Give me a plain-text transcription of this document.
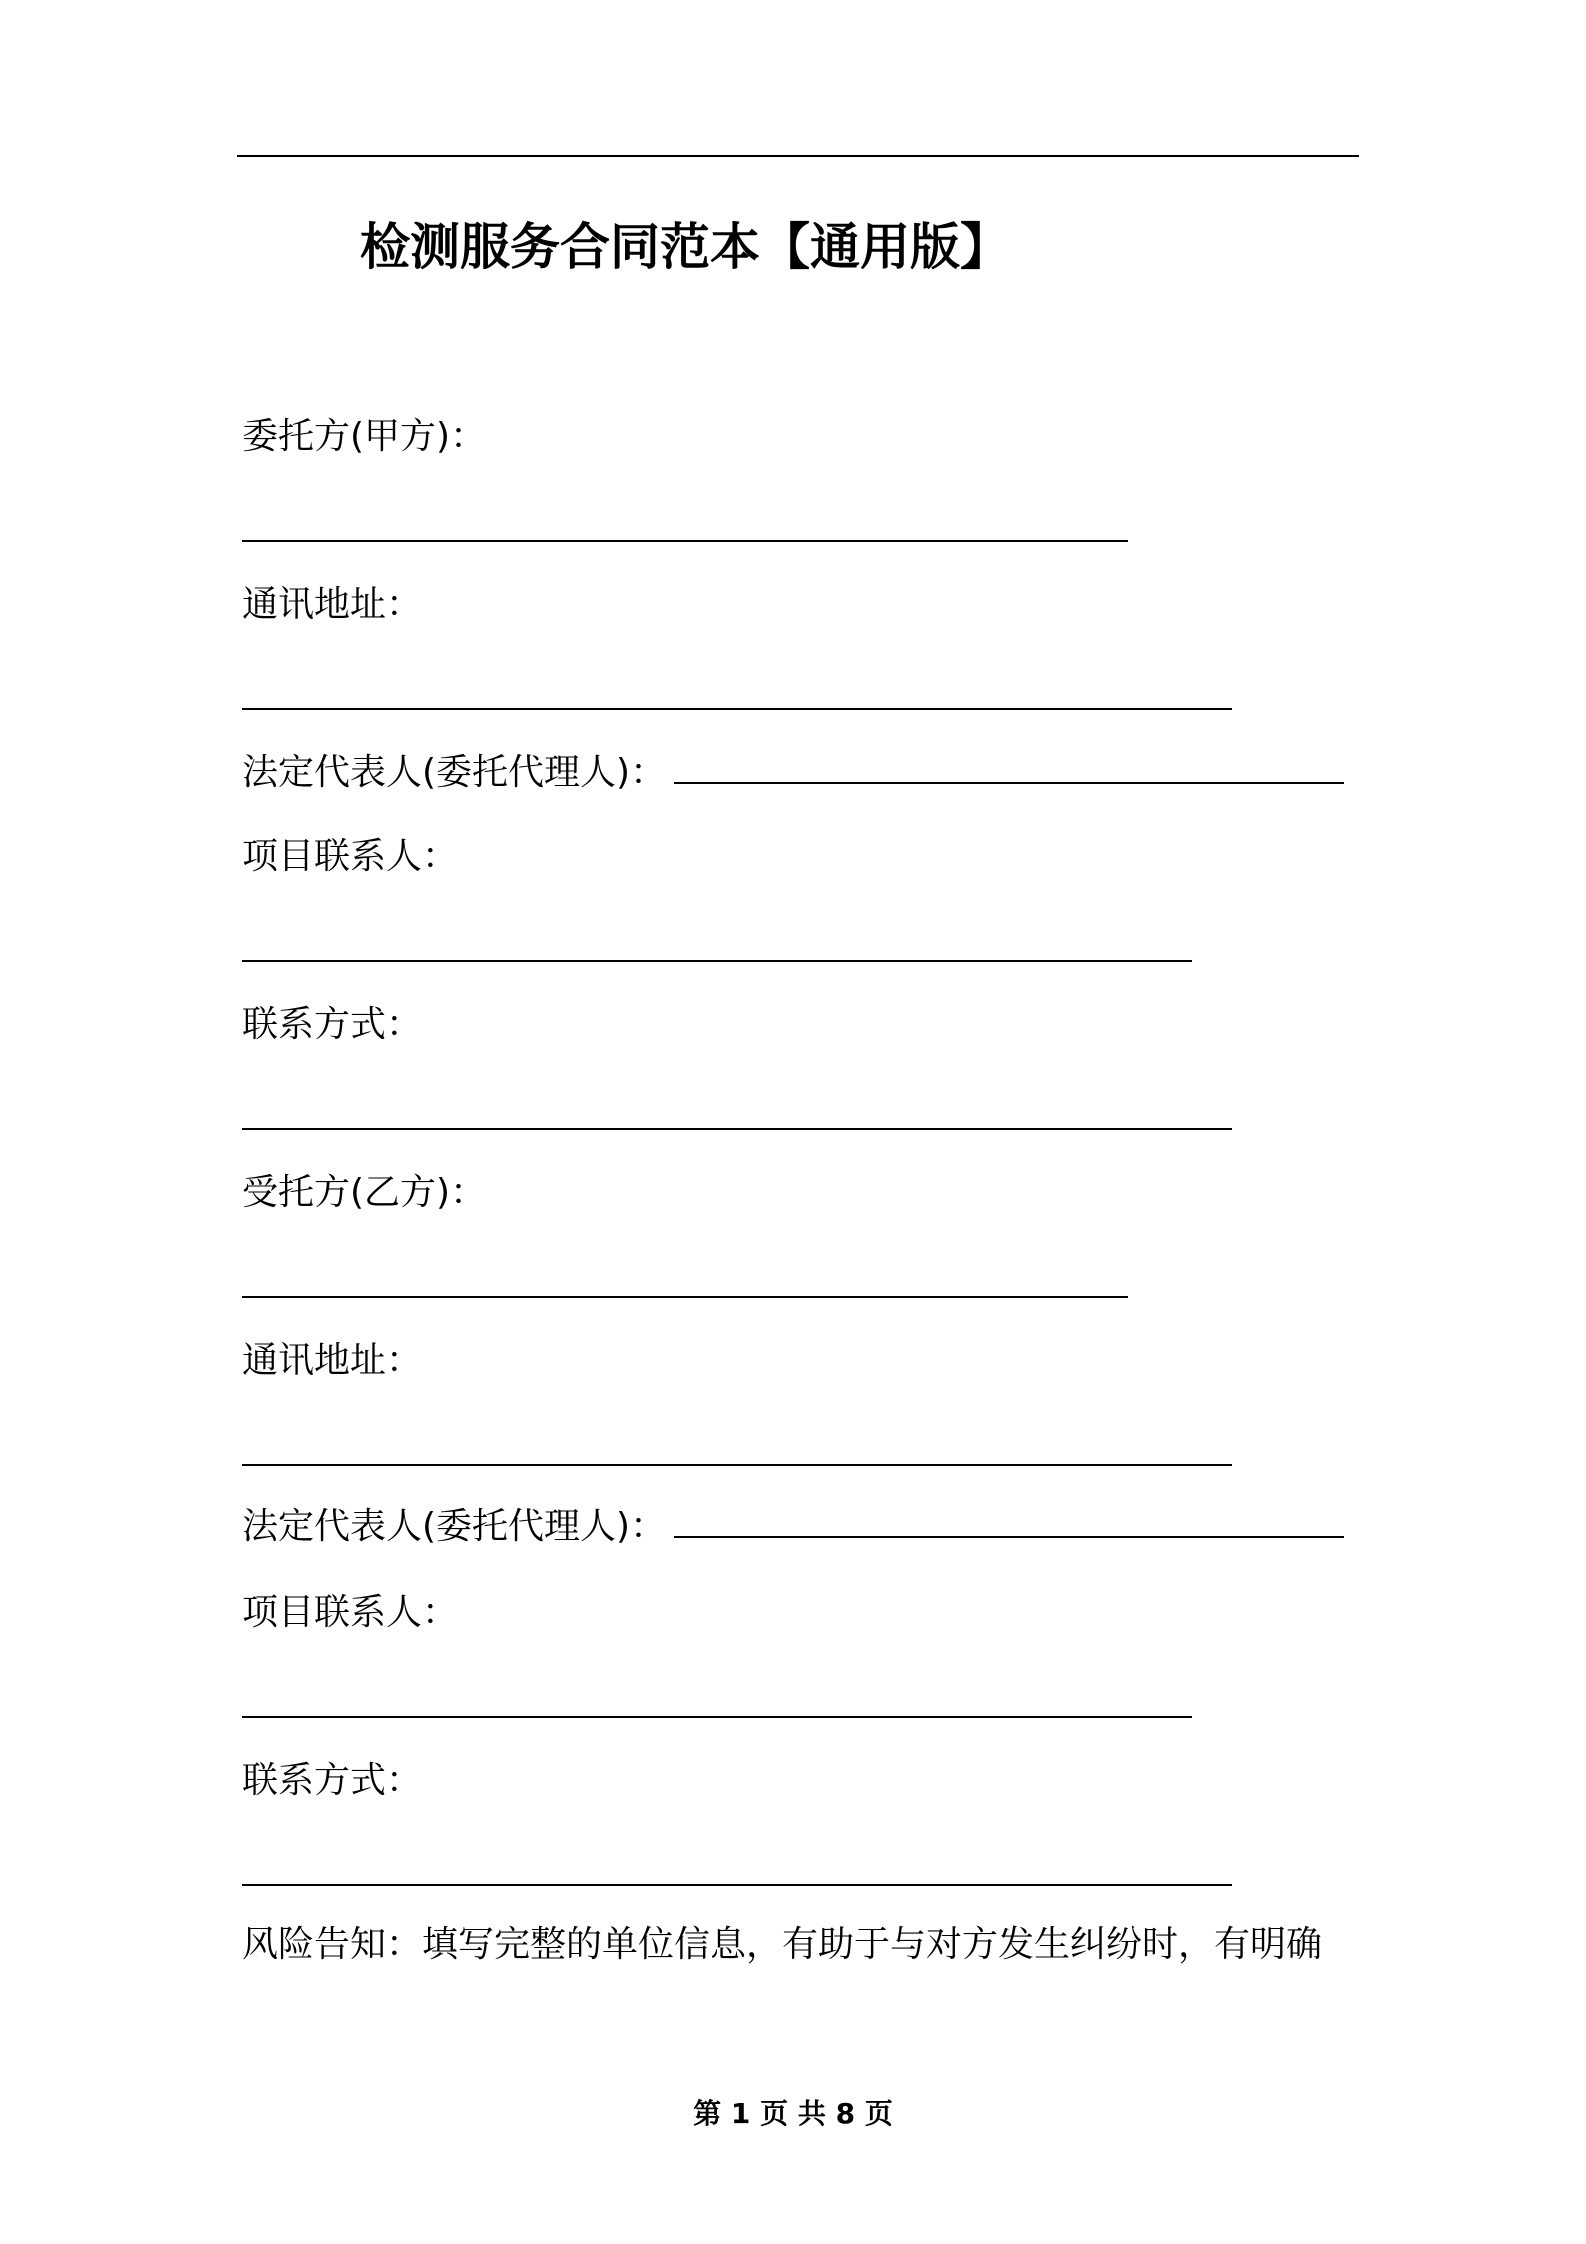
检测服务合同范本【通用版】
委托方(甲方)：
通讯地址：
法定代表人(委托代理人)：
项目联系人：
联系方式：
受托方(乙方)：
通讯地址：
法定代表人(委托代理人)：
项目联系人：
联系方式：
风险告知：填写完整的单位信息，有助于与对方发生纠纷时，有明确
第 1 页 共 8 页
